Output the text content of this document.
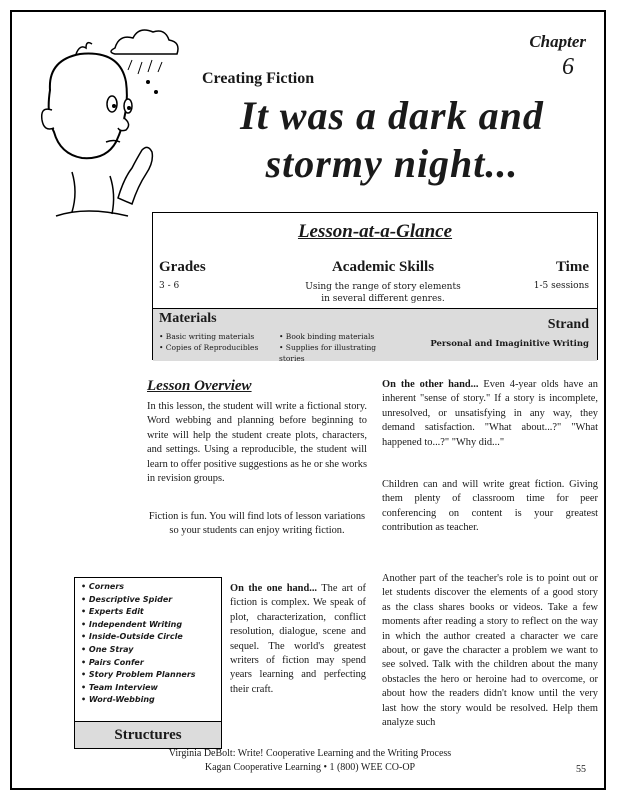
Chapter
6
Creating Fiction
It was a dark and
stormy night...
Lesson-at-a-Glance
Grades
3 - 6
Academic Skills
Using the range of story elements
in several different genres.
Time
1-5 sessions
Materials
• Basic writing materials
• Copies of Reproducibles
• Book binding materials
• Supplies for illustrating stories
Strand
Personal and Imaginitive Writing
Lesson Overview
In this lesson, the student will write a fictional story. Word webbing and planning before beginning to write will help the student create plots, characters, and settings. Using a reproducible, the student will learn to offer positive suggestions as he or she works in revision groups.
Fiction is fun. You will find lots of lesson variations so your students can enjoy writing fiction.
On the one hand... The art of fiction is complex. We speak of plot, characterization, conflict resolution, dialogue, scene and sequel. The world's greatest writers of fiction may spend years learning and perfecting their craft.
On the other hand... Even 4-year olds have an inherent "sense of story." If a story is incomplete, unresolved, or unsatisfying in any way, they demand satisfaction. "What about...?" "What happened to...?" "Why did..."
Children can and will write great fiction. Giving them plenty of classroom time for peer conferencing on content is your greatest contribution as teacher.
Another part of the teacher's role is to point out or let students discover the elements of a good story as the class shares books or videos. Take a few moments after reading a story to reflect on the way in which the author created a character we care about, or gave the character a problem we want to see solved. Talk with the children about the many obstacles the hero or heroine had to overcome, or about how the readers didn't know until the very last how the story would be resolved. Help them analyze such
• Corners
• Descriptive Spider
• Experts Edit
• Independent Writing
• Inside-Outside Circle
• One Stray
• Pairs Confer
• Story Problem Planners
• Team Interview
• Word-Webbing
Structures
Virginia DeBolt: Write! Cooperative Learning and the Writing Process
Kagan Cooperative Learning • 1 (800) WEE CO-OP	55
